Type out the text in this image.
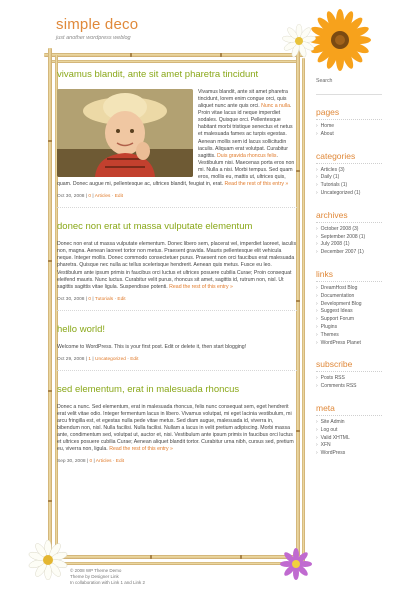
simple deco
just another wordpress weblog
vivamus blandit, ante sit amet pharetra tincidunt
Vivamus blandit, ante sit amet pharetra tincidunt, lorem enim congue orci, quis aliquet nunc ante quis orci. Nunc a nulla. Proin vitae lacus id neque imperdiet sodales. Quisque orci. Pellentesque habitant morbi tristique senectus et netus et malesuada fames ac turpis egestas. Aenean mollis sem id lacus sollicitudin iaculis. Aliquam erat volutpat. Curabitur sagittis. Duis gravida rhoncus felis. Vestibulum nisi. Maecenas porta eros non mi. Nulla a nisi. Morbi tempus. Sed quam eros, mollis eu, mattis ut, ultrices quis, quam. Donec augue mi, pellentesque ac, ultrices blandit, feugiat in, erat. Read the rest of this entry »
Oct 30, 2008 | 0 | Articles · Edit
donec non erat ut massa vulputate elementum
Donec non erat ut massa vulputate elementum. Donec libero sem, placerat vel, imperdiet laoreet, iaculis non, magna. Aenean laoreet tortor non metus. Praesent gravida. Mauris pellentesque elit vehicula neque. Integer mollis. Donec commodo consectetuer purus. Praesent non orci faucibus erat malesuada pharetra. Quisque nec nulla ac tellus scelerisque hendrerit. Aenean quis metus. Fusce eu leo. Vestibulum ante ipsum primis in faucibus orci luctus et ultrices posuere cubilia Curae; Proin consequat eleifend mauris. Nunc luctus. Curabitur velit purus, rhoncus sit amet, sagittis id, rutrum non, nisl. Ut sagittis sagittis vitae ligula. Suspendisse potenti. Read the rest of this entry »
Oct 30, 2008 | 0 | Tutorials · Edit
hello world!
Welcome to WordPress. This is your first post. Edit or delete it, then start blogging!
Oct 29, 2008 | 1 | Uncategorized · Edit
sed elementum, erat in malesuada rhoncus
Donec a nunc. Sed elementum, erat in malesuada rhoncus, felis nunc consequat sem, eget hendrerit erat velit vitae odio. Integer fermentum lacus in libero. Vivamus volutpat, mi eget lacinia vestibulum, mi arcu fringilla est, et egestas nulla pede vitae metus. Sed diam augue, malesuada id, viverra in, bibendum non, nisl. Nulla facilisi. Nulla facilisi. Nullam a lacus in velit pretium adipiscing. Morbi massa ante, condimentum sed, volutpat ut, auctor et, nisi. Vestibulum ante ipsum primis in faucibus orci luctus et ultrices posuere cubilia Curae; Aenean aliquet blandit tortor. Curabitur urna nibh, cursus sed, pretium eu, viverra non, ligula. Read the rest of this entry »
Sep 30, 2008 | 0 | Articles · Edit
Search
pages
› Home
› About
categories
› Articles (3)
› Daily (1)
› Tutorials (1)
› Uncategorized (1)
archives
› October 2008 (3)
› September 2008 (1)
› July 2008 (1)
› December 2007 (1)
links
› DreamHost Blog
› Documentation
› Development Blog
› Suggest Ideas
› Support Forum
› Plugins
› Themes
› WordPress Planet
subscribe
› Posts RSS
› Comments RSS
meta
› Site Admin
› Log out
› Valid XHTML
› XFN
› WordPress
© 2008 WP Theme Demo
Theme by Designer Link
In collaboration with Link 1 and Link 2
